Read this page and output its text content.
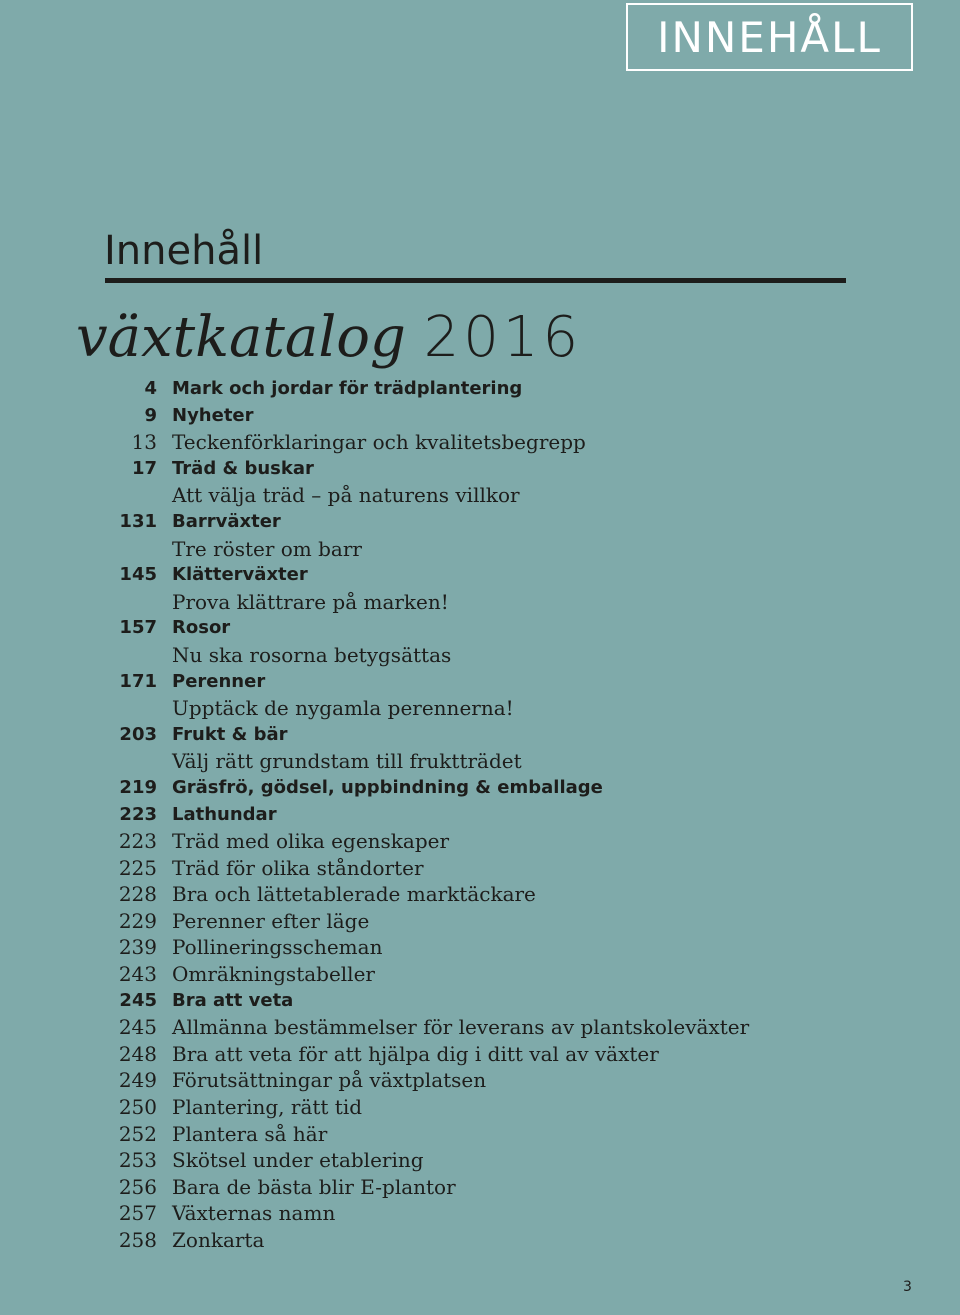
INNEHÅLL
Innehåll
växtkatalog 2016
4 Mark och jordar för trädplantering
9 Nyheter
13 Teckenförklaringar och kvalitetsbegrepp
17 Träd & buskar
Att välja träd – på naturens villkor
131 Barrväxter
Tre röster om barr
145 Klätterväxter
Prova klättrare på marken!
157 Rosor
Nu ska rosorna betygsättas
171 Perenner
Upptäck de nygamla perennerna!
203 Frukt & bär
Välj rätt grundstam till fruktträdet
219 Gräsfrö, gödsel, uppbindning & emballage
223 Lathundar
223 Träd med olika egenskaper
225 Träd för olika ståndorter
228 Bra och lättetablerade marktäckare
229 Perenner efter läge
239 Pollineringsscheman
243 Omräkningstabeller
245 Bra att veta
245 Allmänna bestämmelser för leverans av plantskoleväxter
248 Bra att veta för att hjälpa dig i ditt val av växter
249 Förutsättningar på växtplatsen
250 Plantering, rätt tid
252 Plantera så här
253 Skötsel under etablering
256 Bara de bästa blir E-plantor
257 Växternas namn
258 Zonkarta
3
